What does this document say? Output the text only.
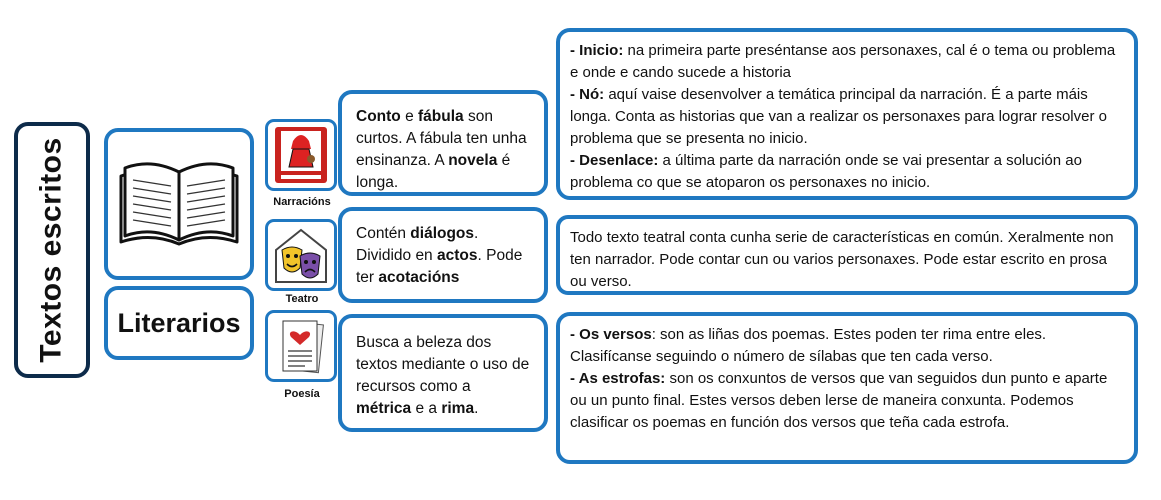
Textos escritos Literarios
Narracións
Teatro
Poesía

Conto e fábula son curtos. A fábula ten unha ensinanza. A novela é longa.

Contén diálogos. Dividido en actos. Pode ter acotacións

Busca a beleza dos textos mediante o uso de recursos como a métrica e a rima.

- Inicio: na primeira parte preséntanse aos personaxes, cal é o tema ou problema e onde e cando sucede a historia

- Nó: aquí vaise desenvolver a temática principal da narración. É a parte máis longa. Conta as historias que van a realizar os personaxes para lograr resolver o problema que se presenta no inicio.

- Desenlace: a última parte da narración onde se vai presentar a solución ao problema co que se atoparon os personaxes no inicio.

Todo texto teatral conta cunha serie de características en común. Xeralmente non ten narrador. Pode contar cun ou varios personaxes. Pode estar escrito en prosa ou verso.

- Os versos: son as liñas dos poemas. Estes poden ter rima entre eles. Clasifícanse seguindo o número de sílabas que ten cada verso.

- As estrofas: son os conxuntos de versos que van seguidos dun punto e aparte ou un punto final. Estes versos deben lerse de maneira conxunta. Podemos clasificar os poemas en función dos versos que teña cada estrofa.
